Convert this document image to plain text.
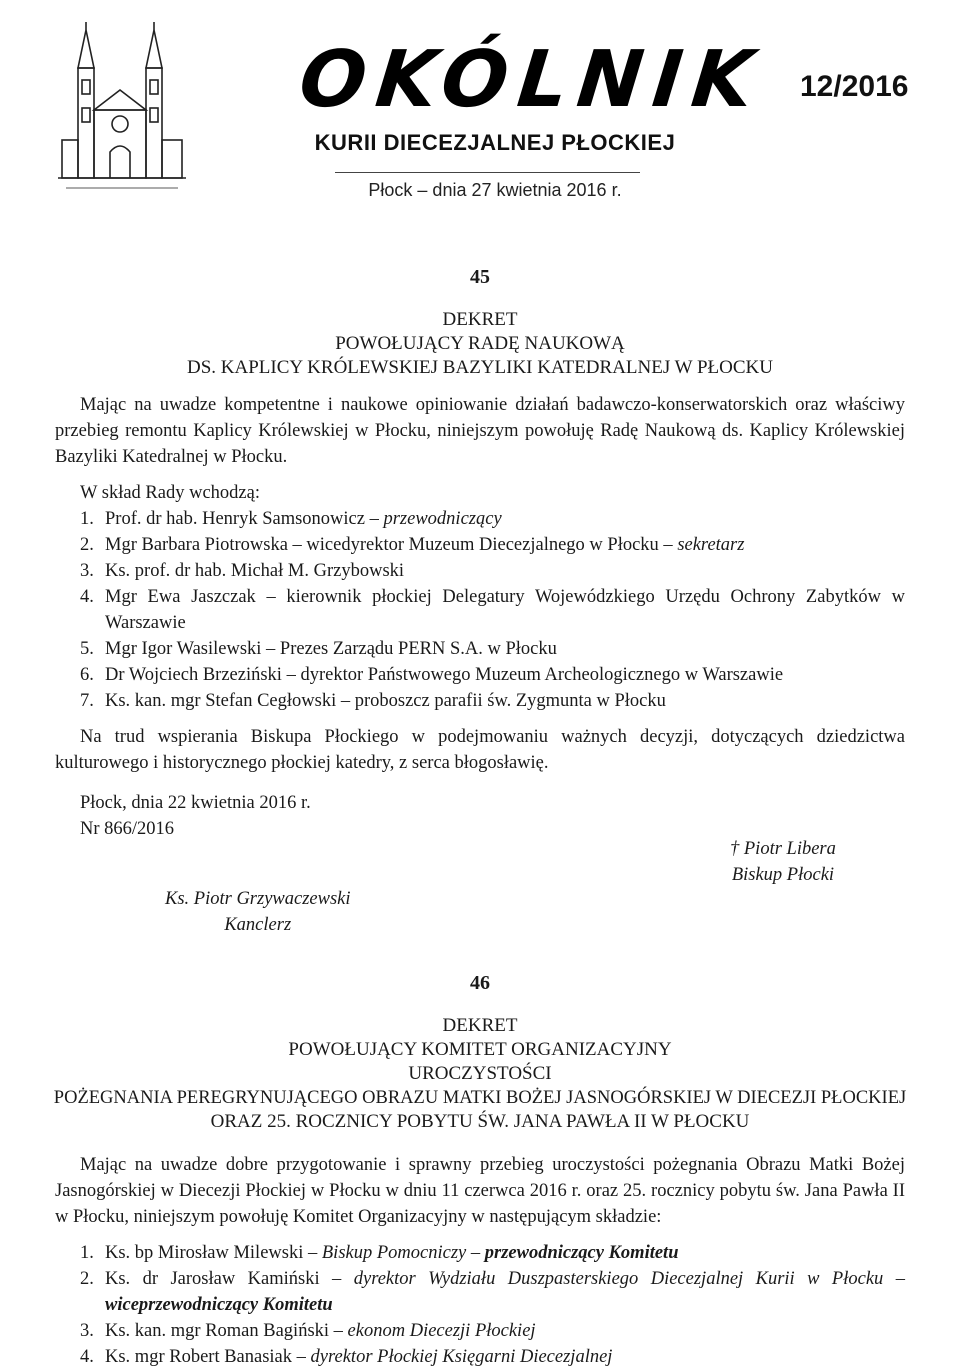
OKÓLNIK 12/2016
KURII DIECEZJALNEJ PŁOCKIEJ
Płock – dnia 27 kwietnia 2016 r.
45
DEKRET
POWOŁUJĄCY RADĘ NAUKOWĄ
DS. KAPLICY KRÓLEWSKIEJ BAZYLIKI KATEDRALNEJ W PŁOCKU

Mając na uwadze kompetentne i naukowe opiniowanie działań badawczo-konserwatorskich oraz właściwy przebieg remontu Kaplicy Królewskiej w Płocku, niniejszym powołuję Radę Naukową ds. Kaplicy Królewskiej Bazyliki Katedralnej w Płocku.

W skład Rady wchodzą:

1. Prof. dr hab. Henryk Samsonowicz – przewodniczący
2. Mgr Barbara Piotrowska – wicedyrektor Muzeum Diecezjalnego w Płocku – sekretarz
3. Ks. prof. dr hab. Michał M. Grzybowski
4. Mgr Ewa Jaszczak – kierownik płockiej Delegatury Wojewódzkiego Urzędu Ochrony Zabytków w Warszawie
5. Mgr Igor Wasilewski – Prezes Zarządu PERN S.A. w Płocku
6. Dr Wojciech Brzeziński – dyrektor Państwowego Muzeum Archeologicznego w Warszawie
7. Ks. kan. mgr Stefan Cegłowski – proboszcz parafii św. Zygmunta w Płocku

Na trud wspierania Biskupa Płockiego w podejmowaniu ważnych decyzji, dotyczących dziedzictwa kulturowego i historycznego płockiej katedry, z serca błogosławię.

Płock, dnia 22 kwietnia 2016 r.
Nr 866/2016
† Piotr Libera
Biskup Płocki
Ks. Piotr Grzywaczewski
Kanclerz
46
DEKRET
POWOŁUJĄCY KOMITET ORGANIZACYJNY
UROCZYSTOŚCI
POŻEGNANIA PEREGRYNUJĄCEGO OBRAZU MATKI BOŻEJ JASNOGÓRSKIEJ W DIECEZJI PŁOCKIEJ
ORAZ 25. ROCZNICY POBYTU ŚW. JANA PAWŁA II W PŁOCKU

Mając na uwadze dobre przygotowanie i sprawny przebieg uroczystości pożegnania Obrazu Matki Bożej Jasnogórskiej w Diecezji Płockiej w Płocku w dniu 11 czerwca 2016 r. oraz 25. rocznicy pobytu św. Jana Pawła II w Płocku, niniejszym powołuję Komitet Organizacyjny w następującym składzie:

1. Ks. bp Mirosław Milewski – Biskup Pomocniczy – przewodniczący Komitetu
2. Ks. dr Jarosław Kamiński – dyrektor Wydziału Duszpasterskiego Diecezjalnej Kurii w Płocku – wiceprzewodniczący Komitetu
3. Ks. kan. mgr Roman Bagiński – ekonom Diecezji Płockiej
4. Ks. mgr Robert Banasiak – dyrektor Płockiej Księgarni Diecezjalnej
